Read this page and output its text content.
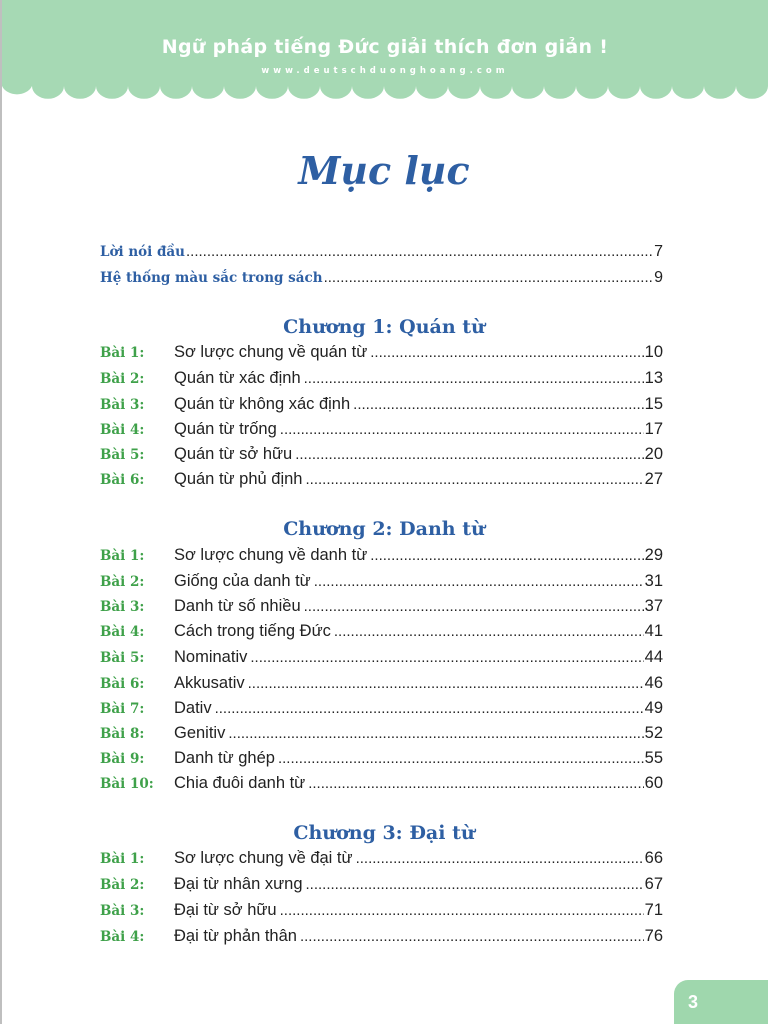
Ngữ pháp tiếng Đức giải thích đơn giản !
www.deutschduonghoang.com
Mục lục
Lời nói đầu .....	7
Hệ thống màu sắc trong sách .....	9
Chương 1: Quán từ
Bài 1:	Sơ lược chung về quán từ .....	10
Bài 2:	Quán từ xác định .....	13
Bài 3:	Quán từ không xác định .....	15
Bài 4:	Quán từ trống .....	17
Bài 5:	Quán từ sở hữu .....	20
Bài 6:	Quán từ phủ định .....	27
Chương 2: Danh từ
Bài 1:	Sơ lược chung về danh từ .....	29
Bài 2:	Giống của danh từ .....	31
Bài 3:	Danh từ số nhiều .....	37
Bài 4:	Cách trong tiếng Đức .....	41
Bài 5:	Nominativ .....	44
Bài 6:	Akkusativ .....	46
Bài 7:	Dativ .....	49
Bài 8:	Genitiv .....	52
Bài 9:	Danh từ ghép .....	55
Bài 10:	Chia đuôi danh từ .....	60
Chương 3: Đại từ
Bài 1:	Sơ lược chung về đại từ .....	66
Bài 2:	Đại từ nhân xưng .....	67
Bài 3:	Đại từ sở hữu .....	71
Bài 4:	Đại từ phản thân .....	76
3
